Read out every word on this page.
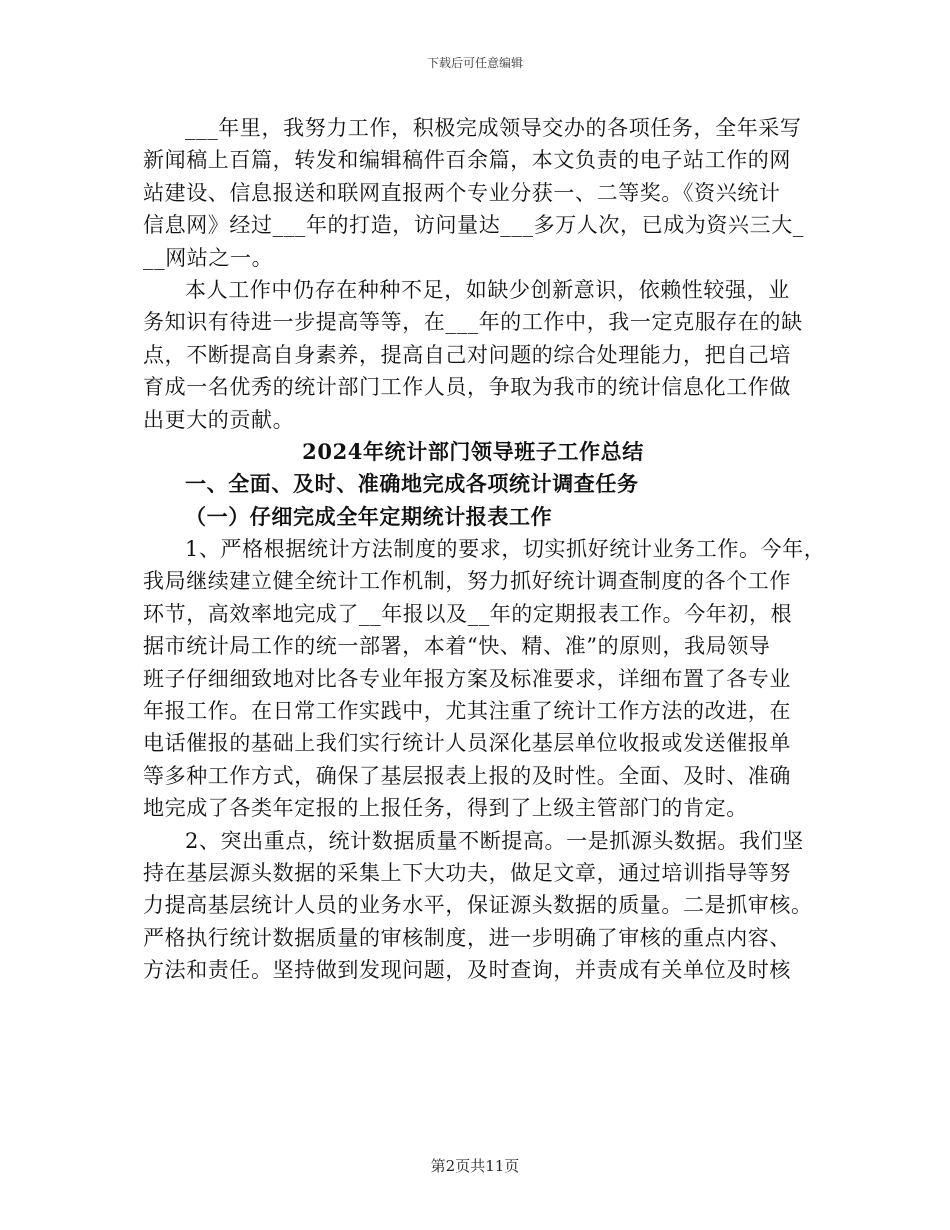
下载后可任意编辑
___年里，我努力工作，积极完成领导交办的各项任务，全年采写
新闻稿上百篇，转发和编辑稿件百余篇，本文负责的电子站工作的网
站建设、信息报送和联网直报两个专业分获一、二等奖。《资兴统计
信息网》经过___年的打造，访问量达___多万人次，已成为资兴三大_
__网站之一。
本人工作中仍存在种种不足，如缺少创新意识，依赖性较强，业
务知识有待进一步提高等等，在___年的工作中，我一定克服存在的缺
点，不断提高自身素养，提高自己对问题的综合处理能力，把自己培
育成一名优秀的统计部门工作人员，争取为我市的统计信息化工作做
出更大的贡献。
2024年统计部门领导班子工作总结
一、全面、及时、准确地完成各项统计调查任务
（一）仔细完成全年定期统计报表工作
1、严格根据统计方法制度的要求，切实抓好统计业务工作。今年，
我局继续建立健全统计工作机制，努力抓好统计调查制度的各个工作
环节，高效率地完成了__年报以及__年的定期报表工作。今年初，根
据市统计局工作的统一部署，本着“快、精、准”的原则，我局领导
班子仔细细致地对比各专业年报方案及标准要求，详细布置了各专业
年报工作。在日常工作实践中，尤其注重了统计工作方法的改进，在
电话催报的基础上我们实行统计人员深化基层单位收报或发送催报单
等多种工作方式，确保了基层报表上报的及时性。全面、及时、准确
地完成了各类年定报的上报任务，得到了上级主管部门的肯定。
2、突出重点，统计数据质量不断提高。一是抓源头数据。我们坚
持在基层源头数据的采集上下大功夫，做足文章，通过培训指导等努
力提高基层统计人员的业务水平，保证源头数据的质量。二是抓审核。
严格执行统计数据质量的审核制度，进一步明确了审核的重点内容、
方法和责任。坚持做到发现问题，及时查询，并责成有关单位及时核
第2页共11页
